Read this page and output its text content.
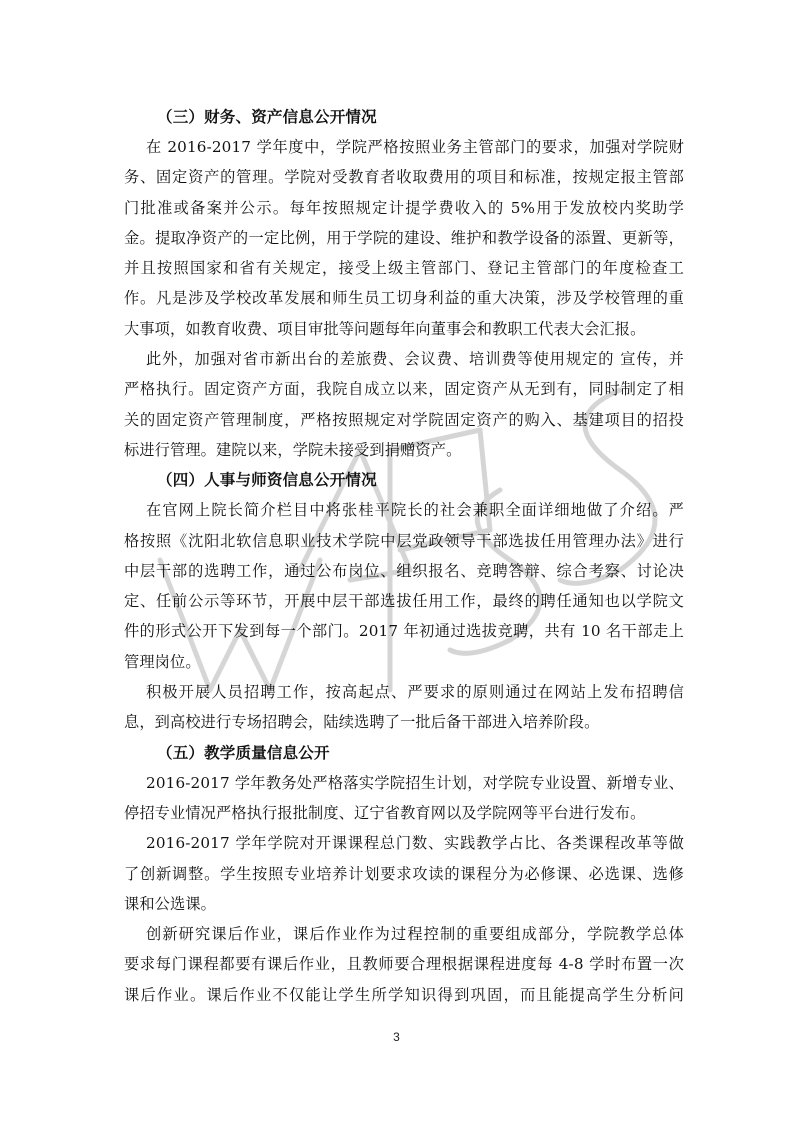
（三）财务、资产信息公开情况
在 2016-2017 学年度中，学院严格按照业务主管部门的要求，加强对学院财
务、固定资产的管理。学院对受教育者收取费用的项目和标准，按规定报主管部
门批准或备案并公示。每年按照规定计提学费收入的 5%用于发放校内奖助学
金。提取净资产的一定比例，用于学院的建设、维护和教学设备的添置、更新等，
并且按照国家和省有关规定，接受上级主管部门、登记主管部门的年度检查工
作。凡是涉及学校改革发展和师生员工切身利益的重大决策，涉及学校管理的重
大事项，如教育收费、项目审批等问题每年向董事会和教职工代表大会汇报。
此外，加强对省市新出台的差旅费、会议费、培训费等使用规定的 宣传，并
严格执行。固定资产方面，我院自成立以来，固定资产从无到有，同时制定了相
关的固定资产管理制度，严格按照规定对学院固定资产的购入、基建项目的招投
标进行管理。建院以来，学院未接受到捐赠资产。
（四）人事与师资信息公开情况
在官网上院长简介栏目中将张桂平院长的社会兼职全面详细地做了介绍。严
格按照《沈阳北软信息职业技术学院中层党政领导干部选拔任用管理办法》进行
中层干部的选聘工作，通过公布岗位、组织报名、竞聘答辩、综合考察、讨论决
定、任前公示等环节，开展中层干部选拔任用工作，最终的聘任通知也以学院文
件的形式公开下发到每一个部门。2017 年初通过选拔竞聘，共有 10 名干部走上
管理岗位。
积极开展人员招聘工作，按高起点、严要求的原则通过在网站上发布招聘信
息，到高校进行专场招聘会，陆续选聘了一批后备干部进入培养阶段。
（五）教学质量信息公开
2016-2017 学年教务处严格落实学院招生计划，对学院专业设置、新增专业、
停招专业情况严格执行报批制度、辽宁省教育网以及学院网等平台进行发布。
2016-2017 学年学院对开课课程总门数、实践教学占比、各类课程改革等做
了创新调整。学生按照专业培养计划要求攻读的课程分为必修课、必选课、选修
课和公选课。
创新研究课后作业，课后作业作为过程控制的重要组成部分，学院教学总体
要求每门课程都要有课后作业，且教师要合理根据课程进度每 4-8 学时布置一次
课后作业。课后作业不仅能让学生所学知识得到巩固，而且能提高学生分析问
3
